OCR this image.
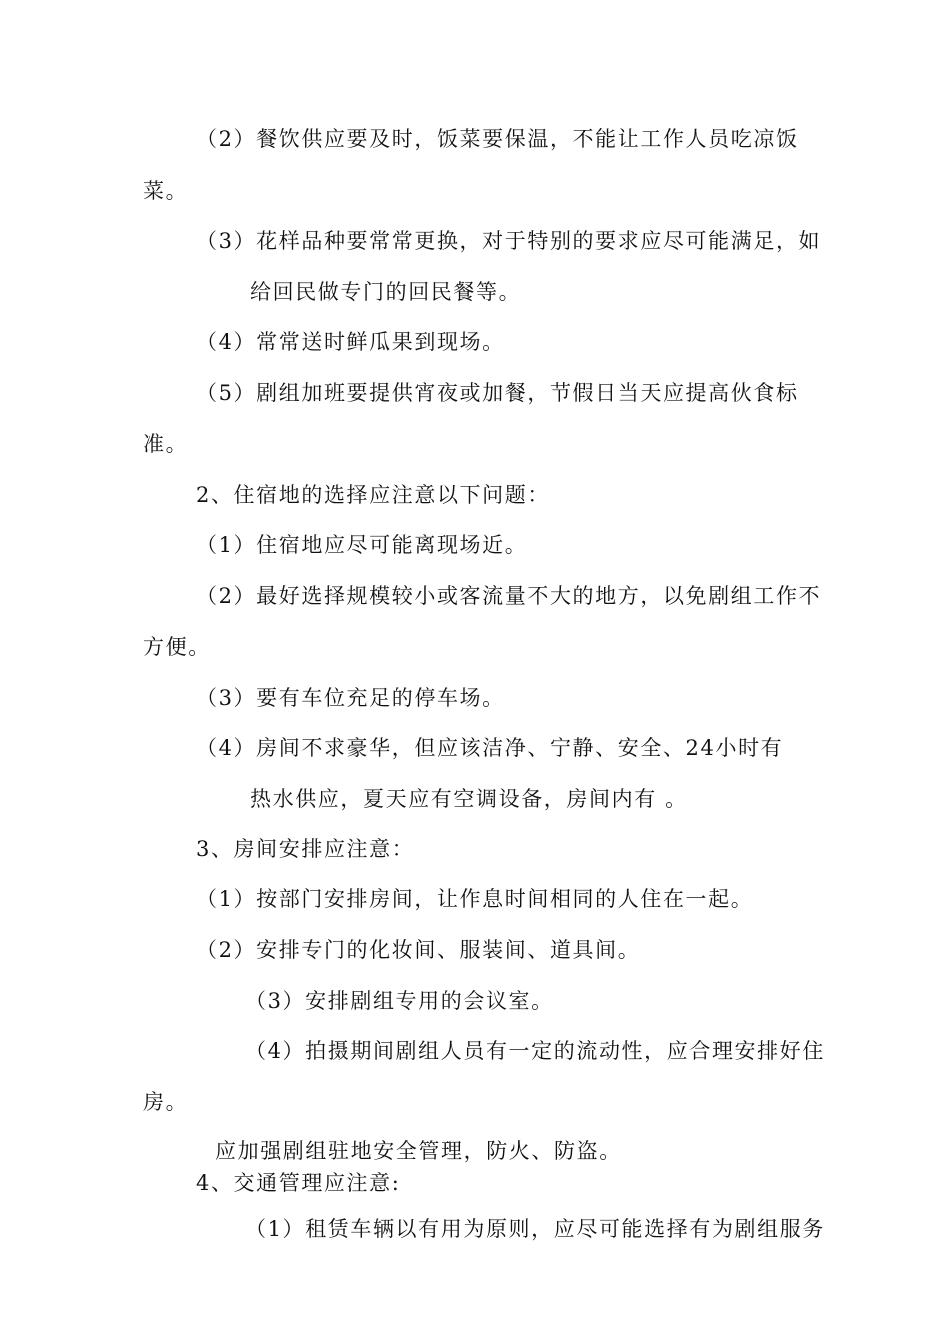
（2）餐饮供应要及时，饭菜要保温，不能让工作人员吃凉饭
菜。
（3）花样品种要常常更换，对于特别的要求应尽可能满足，如
给回民做专门的回民餐等。
（4）常常送时鲜瓜果到现场。
（5）剧组加班要提供宵夜或加餐，节假日当天应提高伙食标
准。
2、住宿地的选择应注意以下问题：
（1）住宿地应尽可能离现场近。
（2）最好选择规模较小或客流量不大的地方，以免剧组工作不
方便。
（3）要有车位充足的停车场。
（4）房间不求豪华，但应该洁净、宁静、安全、24小时有
热水供应，夏天应有空调设备，房间内有 。
3、房间安排应注意：
（1）按部门安排房间，让作息时间相同的人住在一起。
（2）安排专门的化妆间、服装间、道具间。
（3）安排剧组专用的会议室。
（4）拍摄期间剧组人员有一定的流动性，应合理安排好住
房。
应加强剧组驻地安全管理，防火、防盗。
4、交通管理应注意:
（1）租赁车辆以有用为原则，应尽可能选择有为剧组服务
